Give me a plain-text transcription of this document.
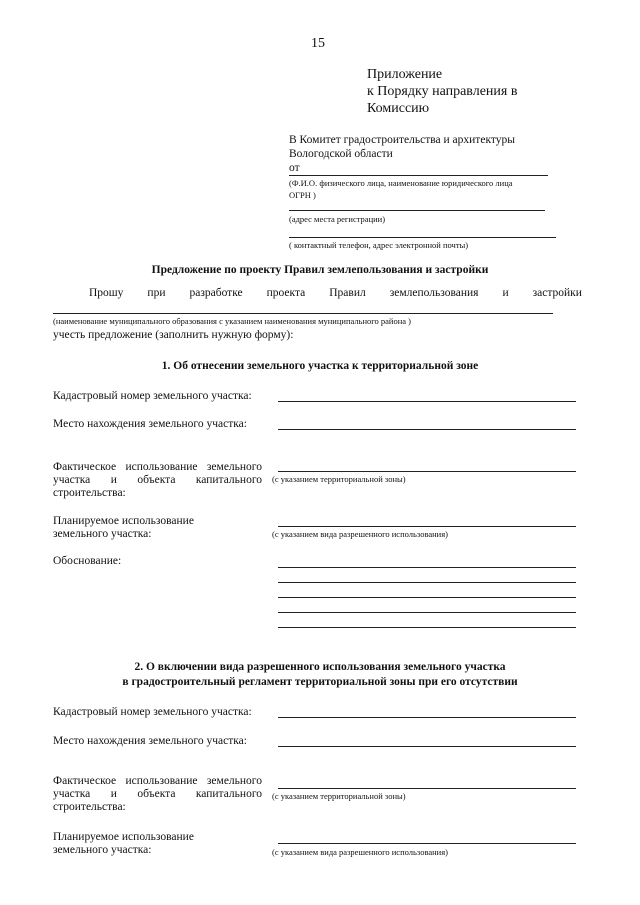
15
Приложение
к Порядку направления в
Комиссию
В Комитет градостроительства и архитектуры
Вологодской области
от
(Ф.И.О. физического лица, наименование юридического лица
ОГРН )
(адрес места регистрации)
( контактный телефон, адрес электронной почты)
Предложение по проекту Правил землепользования и застройки
Прошу при разработке проекта Правил землепользования и застройки
(наименование муниципального образования с указанием наименования муниципального района )
учесть предложение (заполнить нужную форму):
1. Об отнесении земельного участка к территориальной зоне
Кадастровый номер земельного участка:
Место нахождения земельного участка:
Фактическое использование земельного
участка и объекта капитального
строительства:
(с указанием территориальной зоны)
Планируемое использование
земельного участка:	(с указанием вида разрешенного использования)
Обоснование:
2. О включении вида разрешенного использования земельного участка
в градостроительный регламент территориальной зоны при его отсутствии
Кадастровый номер земельного участка:
Место нахождения земельного участка:
Фактическое использование земельного
участка и объекта капитального
строительства:
(с указанием территориальной зоны)
Планируемое использование
земельного участка:	(с указанием вида разрешенного использования)
